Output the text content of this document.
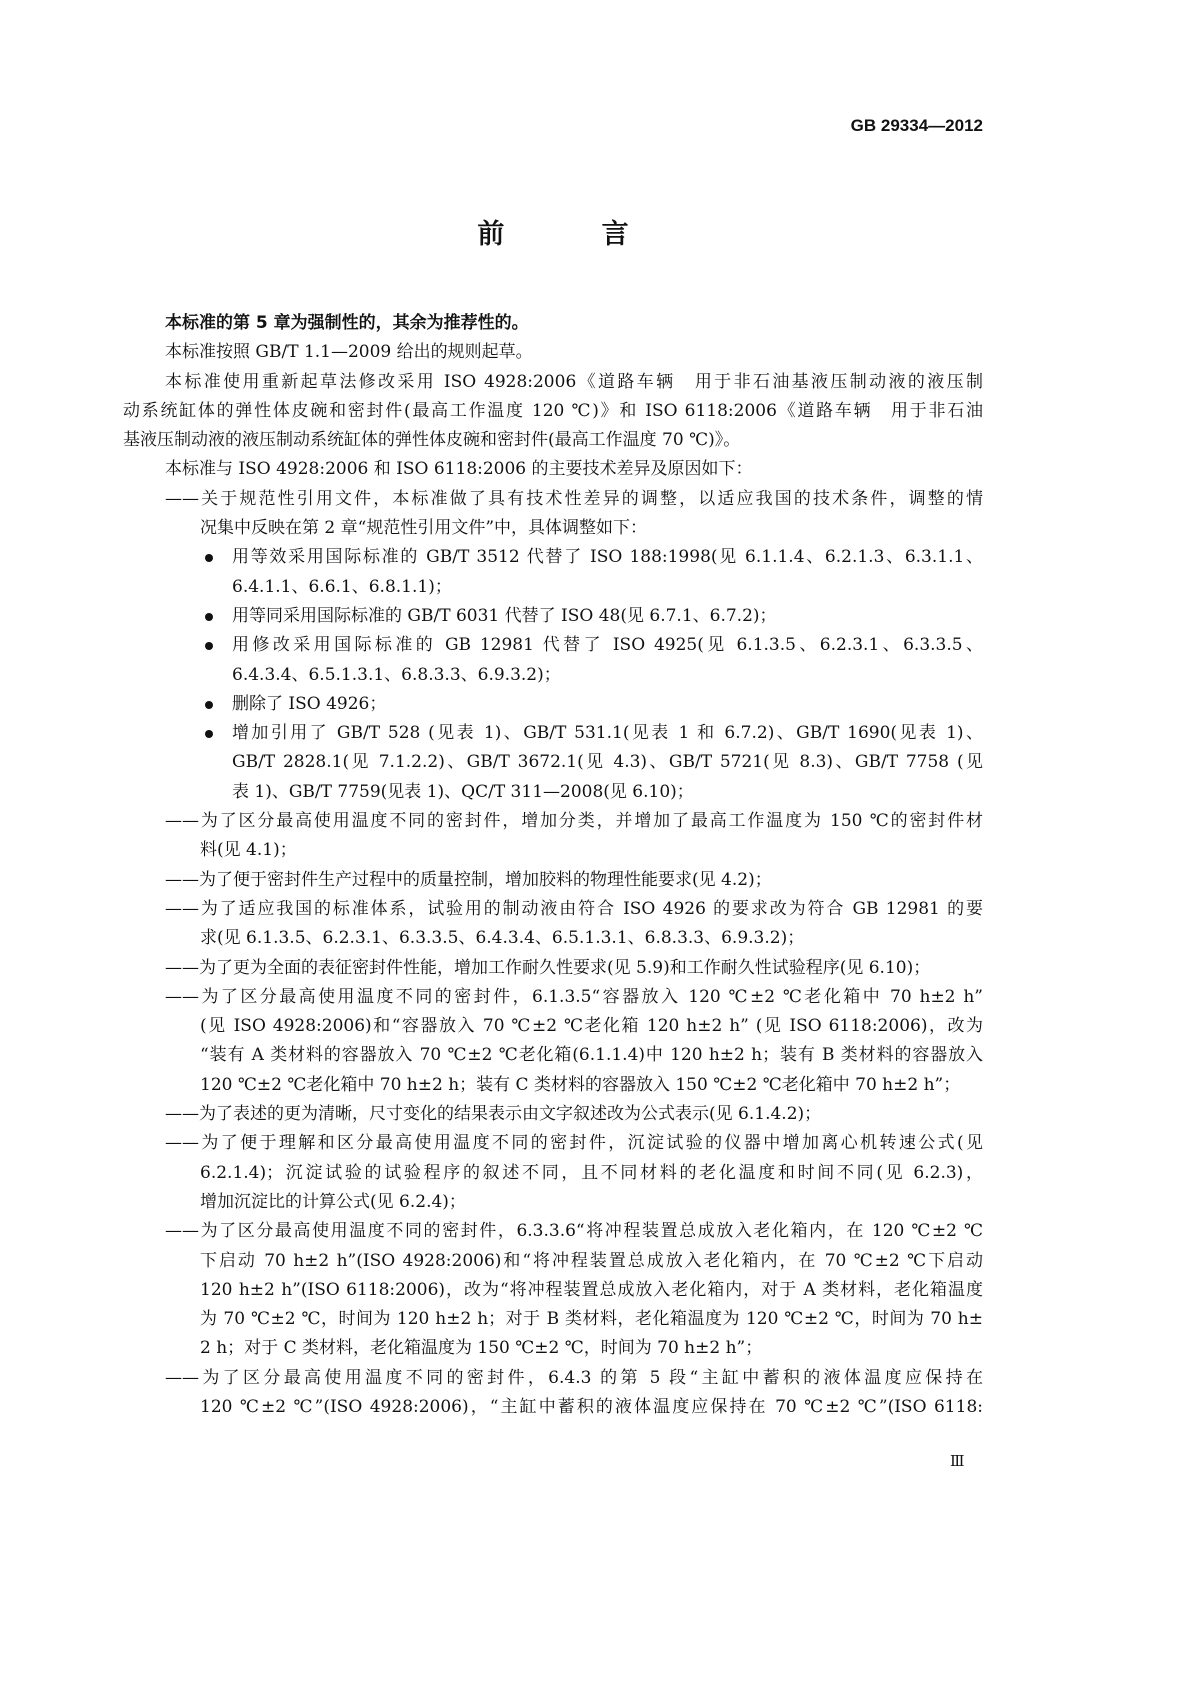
GB 29334—2012
前　言
本标准的第 5 章为强制性的，其余为推荐性的。
本标准按照 GB/T 1.1—2009 给出的规则起草。
本标准使用重新起草法修改采用 ISO 4928:2006《道路车辆　用于非石油基液压制动液的液压制
动系统缸体的弹性体皮碗和密封件(最高工作温度 120 ℃)》和 ISO 6118:2006《道路车辆　用于非石油
基液压制动液的液压制动系统缸体的弹性体皮碗和密封件(最高工作温度 70 ℃)》。
本标准与 ISO 4928:2006 和 ISO 6118:2006 的主要技术差异及原因如下：
——关于规范性引用文件，本标准做了具有技术性差异的调整，以适应我国的技术条件，调整的情
况集中反映在第 2 章“规范性引用文件”中，具体调整如下：
用等效采用国际标准的 GB/T 3512 代替了 ISO 188:1998(见 6.1.1.4、6.2.1.3、6.3.1.1、
6.4.1.1、6.6.1、6.8.1.1)；
用等同采用国际标准的 GB/T 6031 代替了 ISO 48(见 6.7.1、6.7.2)；
用修改采用国际标准的 GB 12981 代替了 ISO 4925(见 6.1.3.5、6.2.3.1、6.3.3.5、
6.4.3.4、6.5.1.3.1、6.8.3.3、6.9.3.2)；
删除了 ISO 4926；
增加引用了 GB/T 528 (见表 1)、GB/T 531.1(见表 1 和 6.7.2)、GB/T 1690(见表 1)、
GB/T 2828.1(见 7.1.2.2)、GB/T 3672.1(见 4.3)、GB/T 5721(见 8.3)、GB/T 7758 (见
表 1)、GB/T 7759(见表 1)、QC/T 311—2008(见 6.10)；
——为了区分最高使用温度不同的密封件，增加分类，并增加了最高工作温度为 150 ℃的密封件材
料(见 4.1)；
——为了便于密封件生产过程中的质量控制，增加胶料的物理性能要求(见 4.2)；
——为了适应我国的标准体系，试验用的制动液由符合 ISO 4926 的要求改为符合 GB 12981 的要
求(见 6.1.3.5、6.2.3.1、6.3.3.5、6.4.3.4、6.5.1.3.1、6.8.3.3、6.9.3.2)；
——为了更为全面的表征密封件性能，增加工作耐久性要求(见 5.9)和工作耐久性试验程序(见 6.10)；
——为了区分最高使用温度不同的密封件，6.1.3.5“容器放入 120 ℃±2 ℃老化箱中 70 h±2 h”
(见 ISO 4928:2006)和“容器放入 70 ℃±2 ℃老化箱 120 h±2 h” (见 ISO 6118:2006)，改为
“装有 A 类材料的容器放入 70 ℃±2 ℃老化箱(6.1.1.4)中 120 h±2 h；装有 B 类材料的容器放入
120 ℃±2 ℃老化箱中 70 h±2 h；装有 C 类材料的容器放入 150 ℃±2 ℃老化箱中 70 h±2 h”；
——为了表述的更为清晰，尺寸变化的结果表示由文字叙述改为公式表示(见 6.1.4.2)；
——为了便于理解和区分最高使用温度不同的密封件，沉淀试验的仪器中增加离心机转速公式(见
6.2.1.4)；沉淀试验的试验程序的叙述不同，且不同材料的老化温度和时间不同(见 6.2.3)，
增加沉淀比的计算公式(见 6.2.4)；
——为了区分最高使用温度不同的密封件，6.3.3.6“将冲程装置总成放入老化箱内，在 120 ℃±2 ℃
下启动 70 h±2 h”(ISO 4928:2006)和“将冲程装置总成放入老化箱内，在 70 ℃±2 ℃下启动
120 h±2 h”(ISO 6118:2006)，改为“将冲程装置总成放入老化箱内，对于 A 类材料，老化箱温度
为 70 ℃±2 ℃，时间为 120 h±2 h；对于 B 类材料，老化箱温度为 120 ℃±2 ℃，时间为 70 h±
2 h；对于 C 类材料，老化箱温度为 150 ℃±2 ℃，时间为 70 h±2 h”；
——为了区分最高使用温度不同的密封件，6.4.3 的第 5 段“主缸中蓄积的液体温度应保持在
120 ℃±2 ℃”(ISO 4928:2006)，“主缸中蓄积的液体温度应保持在 70 ℃±2 ℃”(ISO 6118:
Ⅲ
